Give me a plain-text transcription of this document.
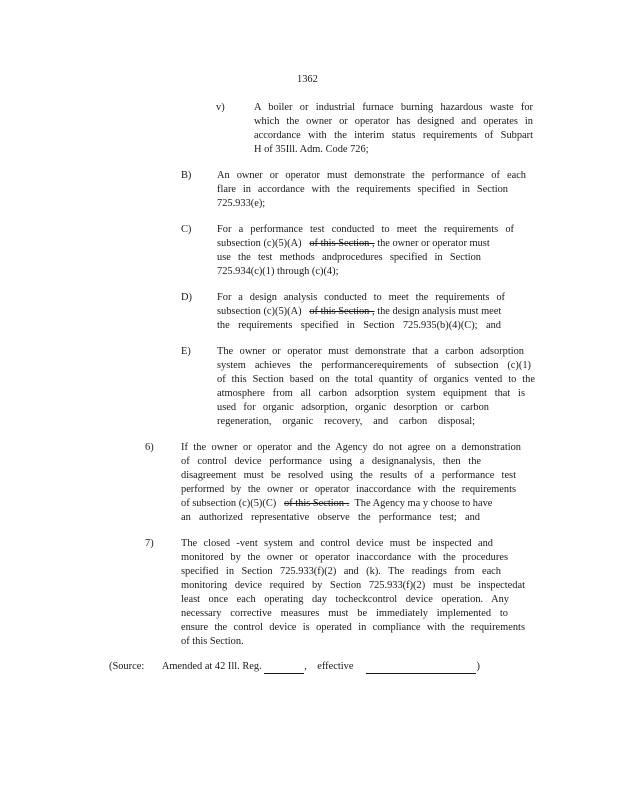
1362
v)	A boiler or industrial furnace burning hazardous waste for
which the owner or operator has designed and operates in
accordance with the interim status requirements of Subpart
H of 35Ill. Adm. Code 726;
B) An owner or operator must demonstrate the performance of each
flare in accordance with the requirements specified in Section
725.933(e);
C) For a performance test conducted to meet the requirements of
subsection (c)(5)(A) of this Section , the owner or operator must
use the test methods andprocedures specified in Section
725.934(c)(1) through (c)(4);
D) For a design analysis conducted to meet the requirements of
subsection (c)(5)(A) of this Section , the design analysis must meet
the requirements specified in Section 725.935(b)(4)(C); and
E)	The owner or operator must demonstrate that a carbon adsorption
system achieves the performancerequirements of subsection (c)(1)
of this Section based on the total quantity of organics vented to the
atmosphere from all carbon adsorption system equipment that is
used for organic adsorption, organic desorption or carbon
regeneration, organic recovery, and carbon disposal;
6)	If the owner or operator and the Agency do not agree on a demonstration
of control device performance using a designanalysis, then the
disagreement must be resolved using the results of a performance test
performed by the owner or operator inaccordance with the requirements
of subsection (c)(5)(C) of this Section . The Agency ma y choose to have
an authorized representative observe the performance test; and
7)	The closed -vent system and control device must be inspected and
monitored by the owner or operator inaccordance with the procedures
specified in Section 725.933(f)(2) and (k). The readings from each
monitoring device required by Section 725.933(f)(2) must be inspectedat
least once each operating day tocheckcontrol device operation. Any
necessary corrective measures must be immediately implemented to
ensure the control device is operated in compliance with the requirements
of this Section.
(Source: Amended at 42 Ill. Reg.	,    effective	)
